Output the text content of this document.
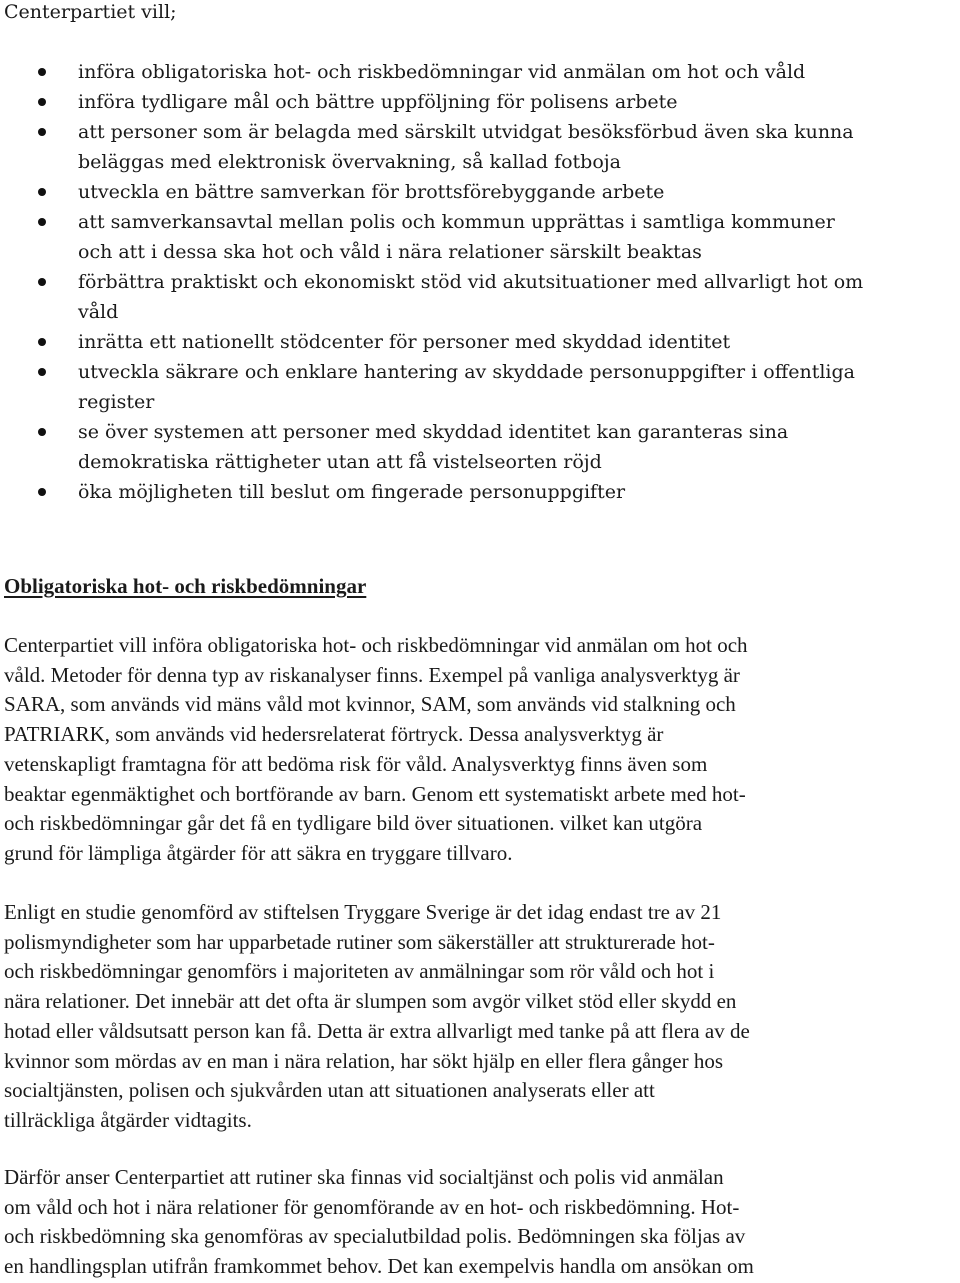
Centerpartiet vill;

införa obligatoriska hot- och riskbedömningar vid anmälan om hot och våld
införa tydligare mål och bättre uppföljning för polisens arbete
att personer som är belagda med särskilt utvidgat besöksförbud även ska kunna
beläggas med elektronisk övervakning, så kallad fotboja
utveckla en bättre samverkan för brottsförebyggande arbete
att samverkansavtal mellan polis och kommun upprättas i samtliga kommuner
och att i dessa ska hot och våld i nära relationer särskilt beaktas
förbättra praktiskt och ekonomiskt stöd vid akutsituationer med allvarligt hot om
våld
inrätta ett nationellt stödcenter för personer med skyddad identitet
utveckla säkrare och enklare hantering av skyddade personuppgifter i offentliga
register
se över systemen att personer med skyddad identitet kan garanteras sina
demokratiska rättigheter utan att få vistelseorten röjd
öka möjligheten till beslut om fingerade personuppgifter
Obligatoriska hot- och riskbedömningar

Centerpartiet vill införa obligatoriska hot- och riskbedömningar vid anmälan om hot och
våld. Metoder för denna typ av riskanalyser finns. Exempel på vanliga analysverktyg är
SARA, som används vid mäns våld mot kvinnor, SAM, som används vid stalkning och
PATRIARK, som används vid hedersrelaterat förtryck. Dessa analysverktyg är
vetenskapligt framtagna för att bedöma risk för våld. Analysverktyg finns även som
beaktar egenmäktighet och bortförande av barn. Genom ett systematiskt arbete med hot-
och riskbedömningar går det få en tydligare bild över situationen. vilket kan utgöra
grund för lämpliga åtgärder för att säkra en tryggare tillvaro.

Enligt en studie genomförd av stiftelsen Tryggare Sverige är det idag endast tre av 21
polismyndigheter som har upparbetade rutiner som säkerställer att strukturerade hot-
och riskbedömningar genomförs i majoriteten av anmälningar som rör våld och hot i
nära relationer. Det innebär att det ofta är slumpen som avgör vilket stöd eller skydd en
hotad eller våldsutsatt person kan få. Detta är extra allvarligt med tanke på att flera av de
kvinnor som mördas av en man i nära relation, har sökt hjälp en eller flera gånger hos
socialtjänsten, polisen och sjukvården utan att situationen analyserats eller att
tillräckliga åtgärder vidtagits.

Därför anser Centerpartiet att rutiner ska finnas vid socialtjänst och polis vid anmälan
om våld och hot i nära relationer för genomförande av en hot- och riskbedömning. Hot-
och riskbedömning ska genomföras av specialutbildad polis. Bedömningen ska följas av
en handlingsplan utifrån framkommet behov. Det kan exempelvis handla om ansökan om
